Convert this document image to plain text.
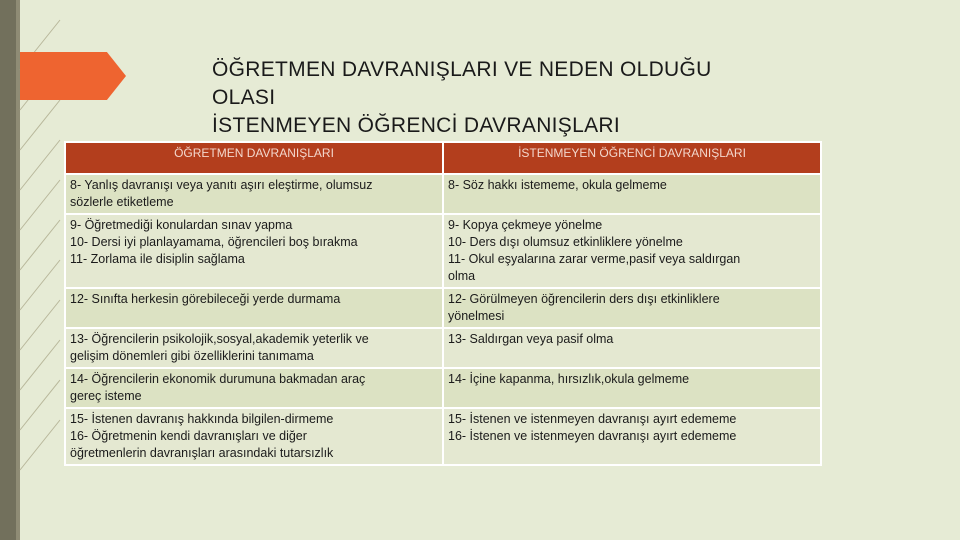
ÖĞRETMEN DAVRANIŞLARI VE NEDEN OLDUĞU
OLASI
İSTENMEYEN ÖĞRENCİ DAVRANIŞLARI
ÖĞRETMEN DAVRANIŞLARI	İSTENMEYEN ÖĞRENCİ DAVRANIŞLARI

8- Yanlış davranışı veya yanıtı aşırı eleştirme, olumsuz
sözlerle etiketleme	8- Söz hakkı istememe, okula gelmeme

9- Öğretmediği konulardan sınav yapma
10- Dersi iyi planlayamama, öğrencileri boş bırakma
11- Zorlama ile disiplin sağlama	9- Kopya çekmeye yönelme
10- Ders dışı olumsuz etkinliklere yönelme
11- Okul eşyalarına zarar verme,pasif veya saldırgan
olma

12- Sınıfta herkesin görebileceği yerde durmama	12- Görülmeyen öğrencilerin ders dışı etkinliklere
yönelmesi

13- Öğrencilerin psikolojik,sosyal,akademik yeterlik ve
gelişim dönemleri gibi özelliklerini tanımama	13- Saldırgan veya pasif olma

14- Öğrencilerin ekonomik durumuna bakmadan araç
gereç isteme	14- İçine kapanma, hırsızlık,okula gelmeme

15- İstenen davranış hakkında bilgilen-dirmeme
16- Öğretmenin kendi davranışları ve diğer
öğretmenlerin davranışları arasındaki tutarsızlık	15- İstenen ve istenmeyen davranışı ayırt edememe
16- İstenen ve istenmeyen davranışı ayırt edememe
